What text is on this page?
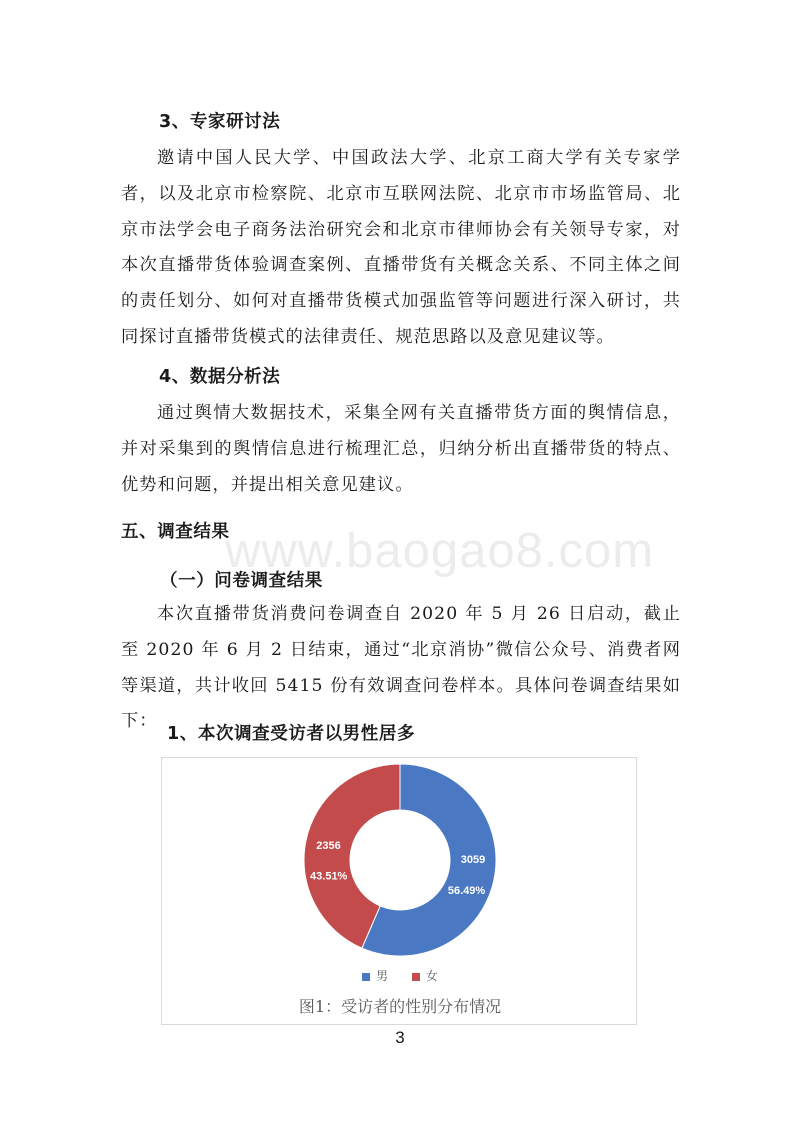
www.baogao8.com

3、专家研讨法

邀请中国人民大学、中国政法大学、北京工商大学有关专家学者，以及北京市检察院、北京市互联网法院、北京市市场监管局、北京市法学会电子商务法治研究会和北京市律师协会有关领导专家，对本次直播带货体验调查案例、直播带货有关概念关系、不同主体之间的责任划分、如何对直播带货模式加强监管等问题进行深入研讨，共同探讨直播带货模式的法律责任、规范思路以及意见建议等。

4、数据分析法

通过舆情大数据技术，采集全网有关直播带货方面的舆情信息，并对采集到的舆情信息进行梳理汇总，归纳分析出直播带货的特点、优势和问题，并提出相关意见建议。

五、调查结果

（一）问卷调查结果

本次直播带货消费问卷调查自 2020 年 5 月 26 日启动，截止至 2020 年 6 月 2 日结束，通过“北京消协”微信公众号、消费者网等渠道，共计收回 5415 份有效调查问卷样本。具体问卷调查结果如下：

1、本次调查受访者以男性居多

3059
56.49%
2356
43.51%
男	女
图1：受访者的性别分布情况
3
